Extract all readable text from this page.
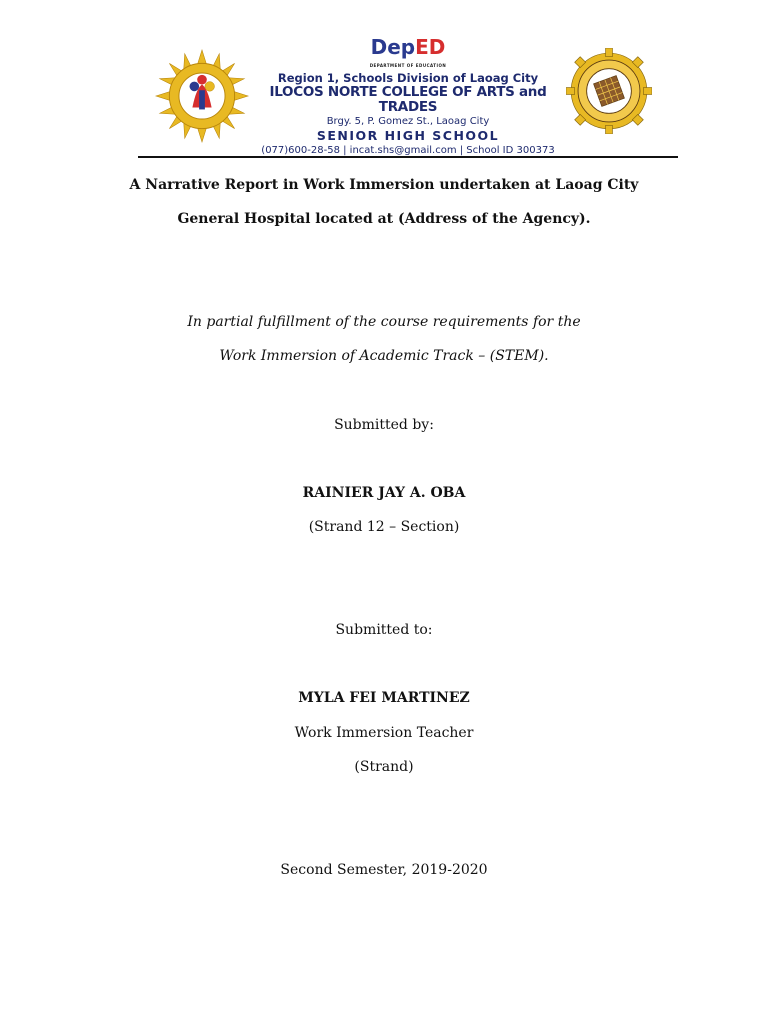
DepED
DEPARTMENT OF EDUCATION
Region 1, Schools Division of Laoag City
ILOCOS NORTE COLLEGE OF ARTS and TRADES
Brgy. 5, P. Gomez St., Laoag City
SENIOR HIGH SCHOOL
(077)600-28-58 | incat.shs@gmail.com | School ID 300373
A Narrative Report in Work Immersion undertaken at Laoag City
General Hospital located at (Address of the Agency).
In partial fulfillment of the course requirements for the
Work Immersion of Academic Track – (STEM).
Submitted by:
RAINIER JAY A. OBA
(Strand 12 – Section)
Submitted to:
MYLA FEI MARTINEZ
Work Immersion Teacher
(Strand)
Second Semester, 2019-2020
